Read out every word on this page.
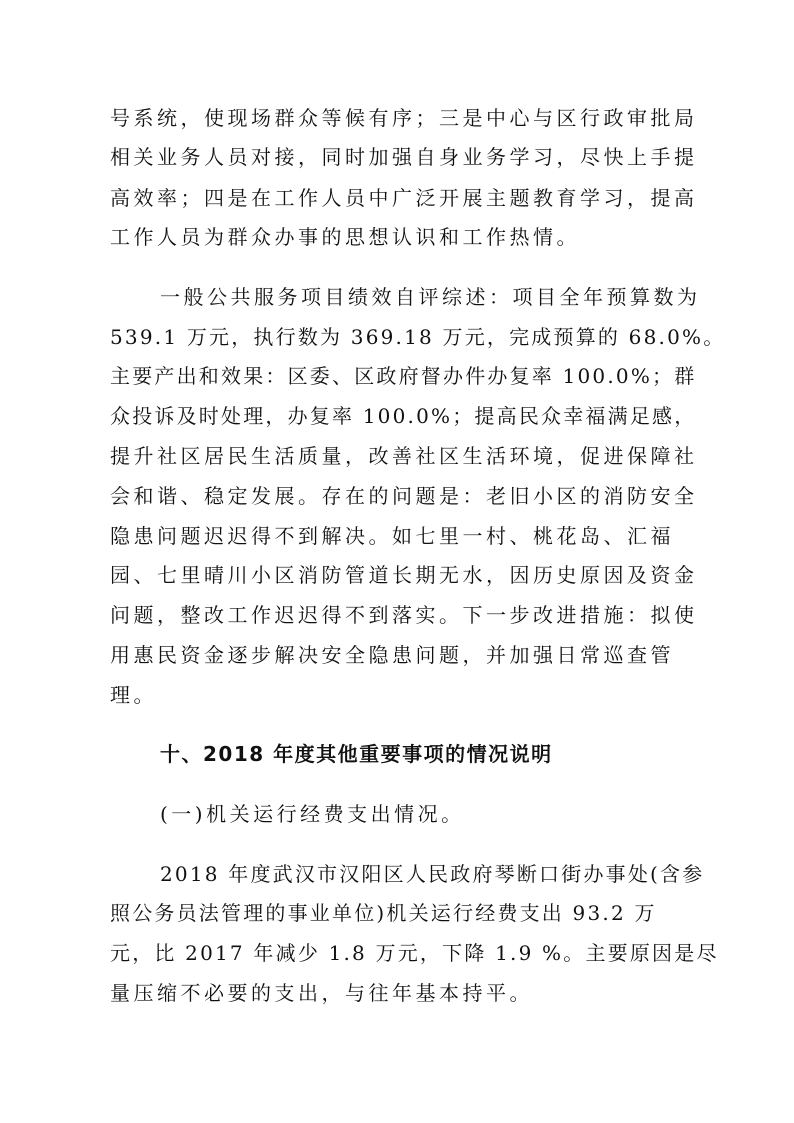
号系统，使现场群众等候有序；三是中心与区行政审批局
相关业务人员对接，同时加强自身业务学习，尽快上手提
高效率；四是在工作人员中广泛开展主题教育学习，提高
工作人员为群众办事的思想认识和工作热情。
一般公共服务项目绩效自评综述：项目全年预算数为
539.1 万元，执行数为 369.18 万元，完成预算的 68.0%。
主要产出和效果：区委、区政府督办件办复率 100.0%；群
众投诉及时处理，办复率 100.0%；提高民众幸福满足感，
提升社区居民生活质量，改善社区生活环境，促进保障社
会和谐、稳定发展。存在的问题是：老旧小区的消防安全
隐患问题迟迟得不到解决。如七里一村、桃花岛、汇福
园、七里晴川小区消防管道长期无水，因历史原因及资金
问题，整改工作迟迟得不到落实。下一步改进措施：拟使
用惠民资金逐步解决安全隐患问题，并加强日常巡查管
理。
十、2018 年度其他重要事项的情况说明
(一)机关运行经费支出情况。
2018 年度武汉市汉阳区人民政府琴断口街办事处(含参
照公务员法管理的事业单位)机关运行经费支出 93.2 万
元，比 2017 年减少 1.8 万元，下降 1.9 %。主要原因是尽
量压缩不必要的支出，与往年基本持平。
